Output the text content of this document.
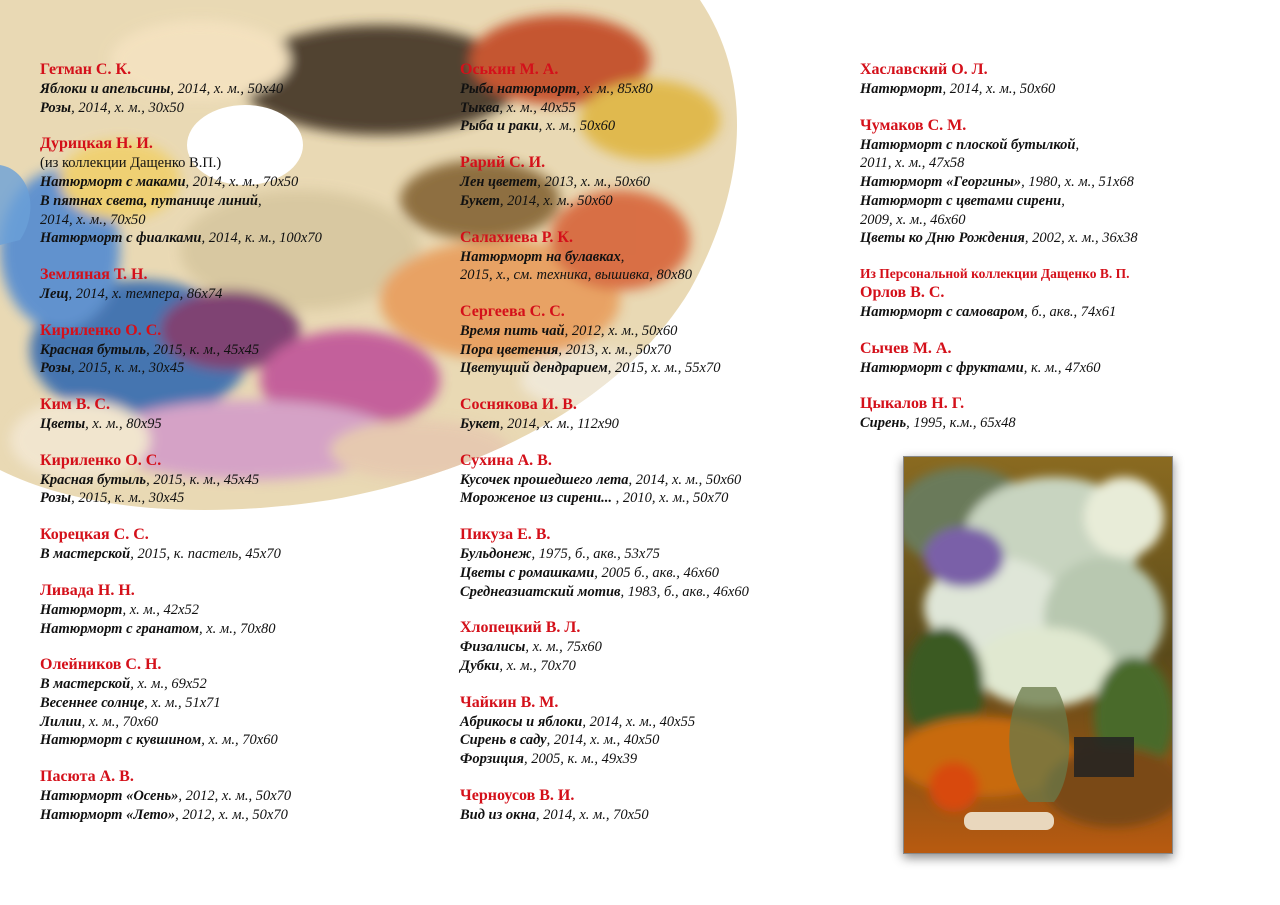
Гетман С. К.
Яблоки и апельсины, 2014, х. м., 50х40
Розы, 2014, х. м., 30х50
Дурицкая Н. И.
(из коллекции Дащенко В.П.)
Натюрморт с маками, 2014, х. м., 70х50
В пятнах света, путанице линий,
2014, х. м., 70х50
Натюрморт с фиалками, 2014, к. м., 100х70
Земляная Т. Н.
Лещ, 2014, х. темпера, 86х74
Кириленко О. С.
Красная бутыль, 2015, к. м., 45х45
Розы, 2015, к. м., 30х45
Ким В. С.
Цветы, х. м., 80х95
Кириленко О. С.
Красная бутыль, 2015, к. м., 45х45
Розы, 2015, к. м., 30х45
Корецкая С. С.
В мастерской, 2015, к. пастель, 45х70
Ливада Н. Н.
Натюрморт, х. м., 42х52
Натюрморт с гранатом, х. м., 70х80
Олейников С. Н.
В мастерской, х. м., 69х52
Весеннее солнце, х. м., 51х71
Лилии, х. м., 70х60
Натюрморт с кувшином, х. м., 70х60
Пасюта А. В.
Натюрморт «Осень», 2012, х. м., 50х70
Натюрморт «Лето», 2012, х. м., 50х70
Оськин М. А.
Рыба натюрморт, х. м., 85х80
Тыква, х. м., 40х55
Рыба и раки, х. м., 50х60
Рарий С. И.
Лен цветет, 2013, х. м., 50х60
Букет, 2014, х. м., 50х60
Салахиева Р. К.
Натюрморт на булавках,
2015, х., см. техника, вышивка, 80х80
Сергеева С. С.
Время пить чай, 2012, х. м., 50х60
Пора цветения, 2013, х. м., 50х70
Цветущий дендрарием, 2015, х. м., 55х70
Соснякова И. В.
Букет, 2014, х. м., 112х90
Сухина А. В.
Кусочек прошедшего лета, 2014, х. м., 50х60
Мороженое из сирени... , 2010, х. м., 50х70
Пикуза Е. В.
Бульдонеж, 1975, б., акв., 53х75
Цветы с ромашками, 2005 б., акв., 46х60
Среднеазиатский мотив, 1983, б., акв., 46х60
Хлопецкий В. Л.
Физалисы, х. м., 75х60
Дубки, х. м., 70х70
Чайкин В. М.
Абрикосы и яблоки, 2014, х. м., 40х55
Сирень в саду, 2014, х. м., 40х50
Форзиция, 2005, к. м., 49х39
Черноусов В. И.
Вид из окна, 2014, х. м., 70х50
Хаславский О. Л.
Натюрморт, 2014, х. м., 50х60
Чумаков С. М.
Натюрморт с плоской бутылкой,
2011, х. м., 47х58
Натюрморт «Георгины», 1980, х. м., 51х68
Натюрморт с цветами сирени,
2009, х. м., 46х60
Цветы ко Дню Рождения, 2002, х. м., 36х38
Из Персональной коллекции Дащенко В. П.
Орлов В. С.
Натюрморт с самоваром, б., акв., 74х61
Сычев М. А.
Натюрморт с фруктами, к. м., 47х60
Цыкалов Н. Г.
Сирень, 1995, к.м., 65х48
